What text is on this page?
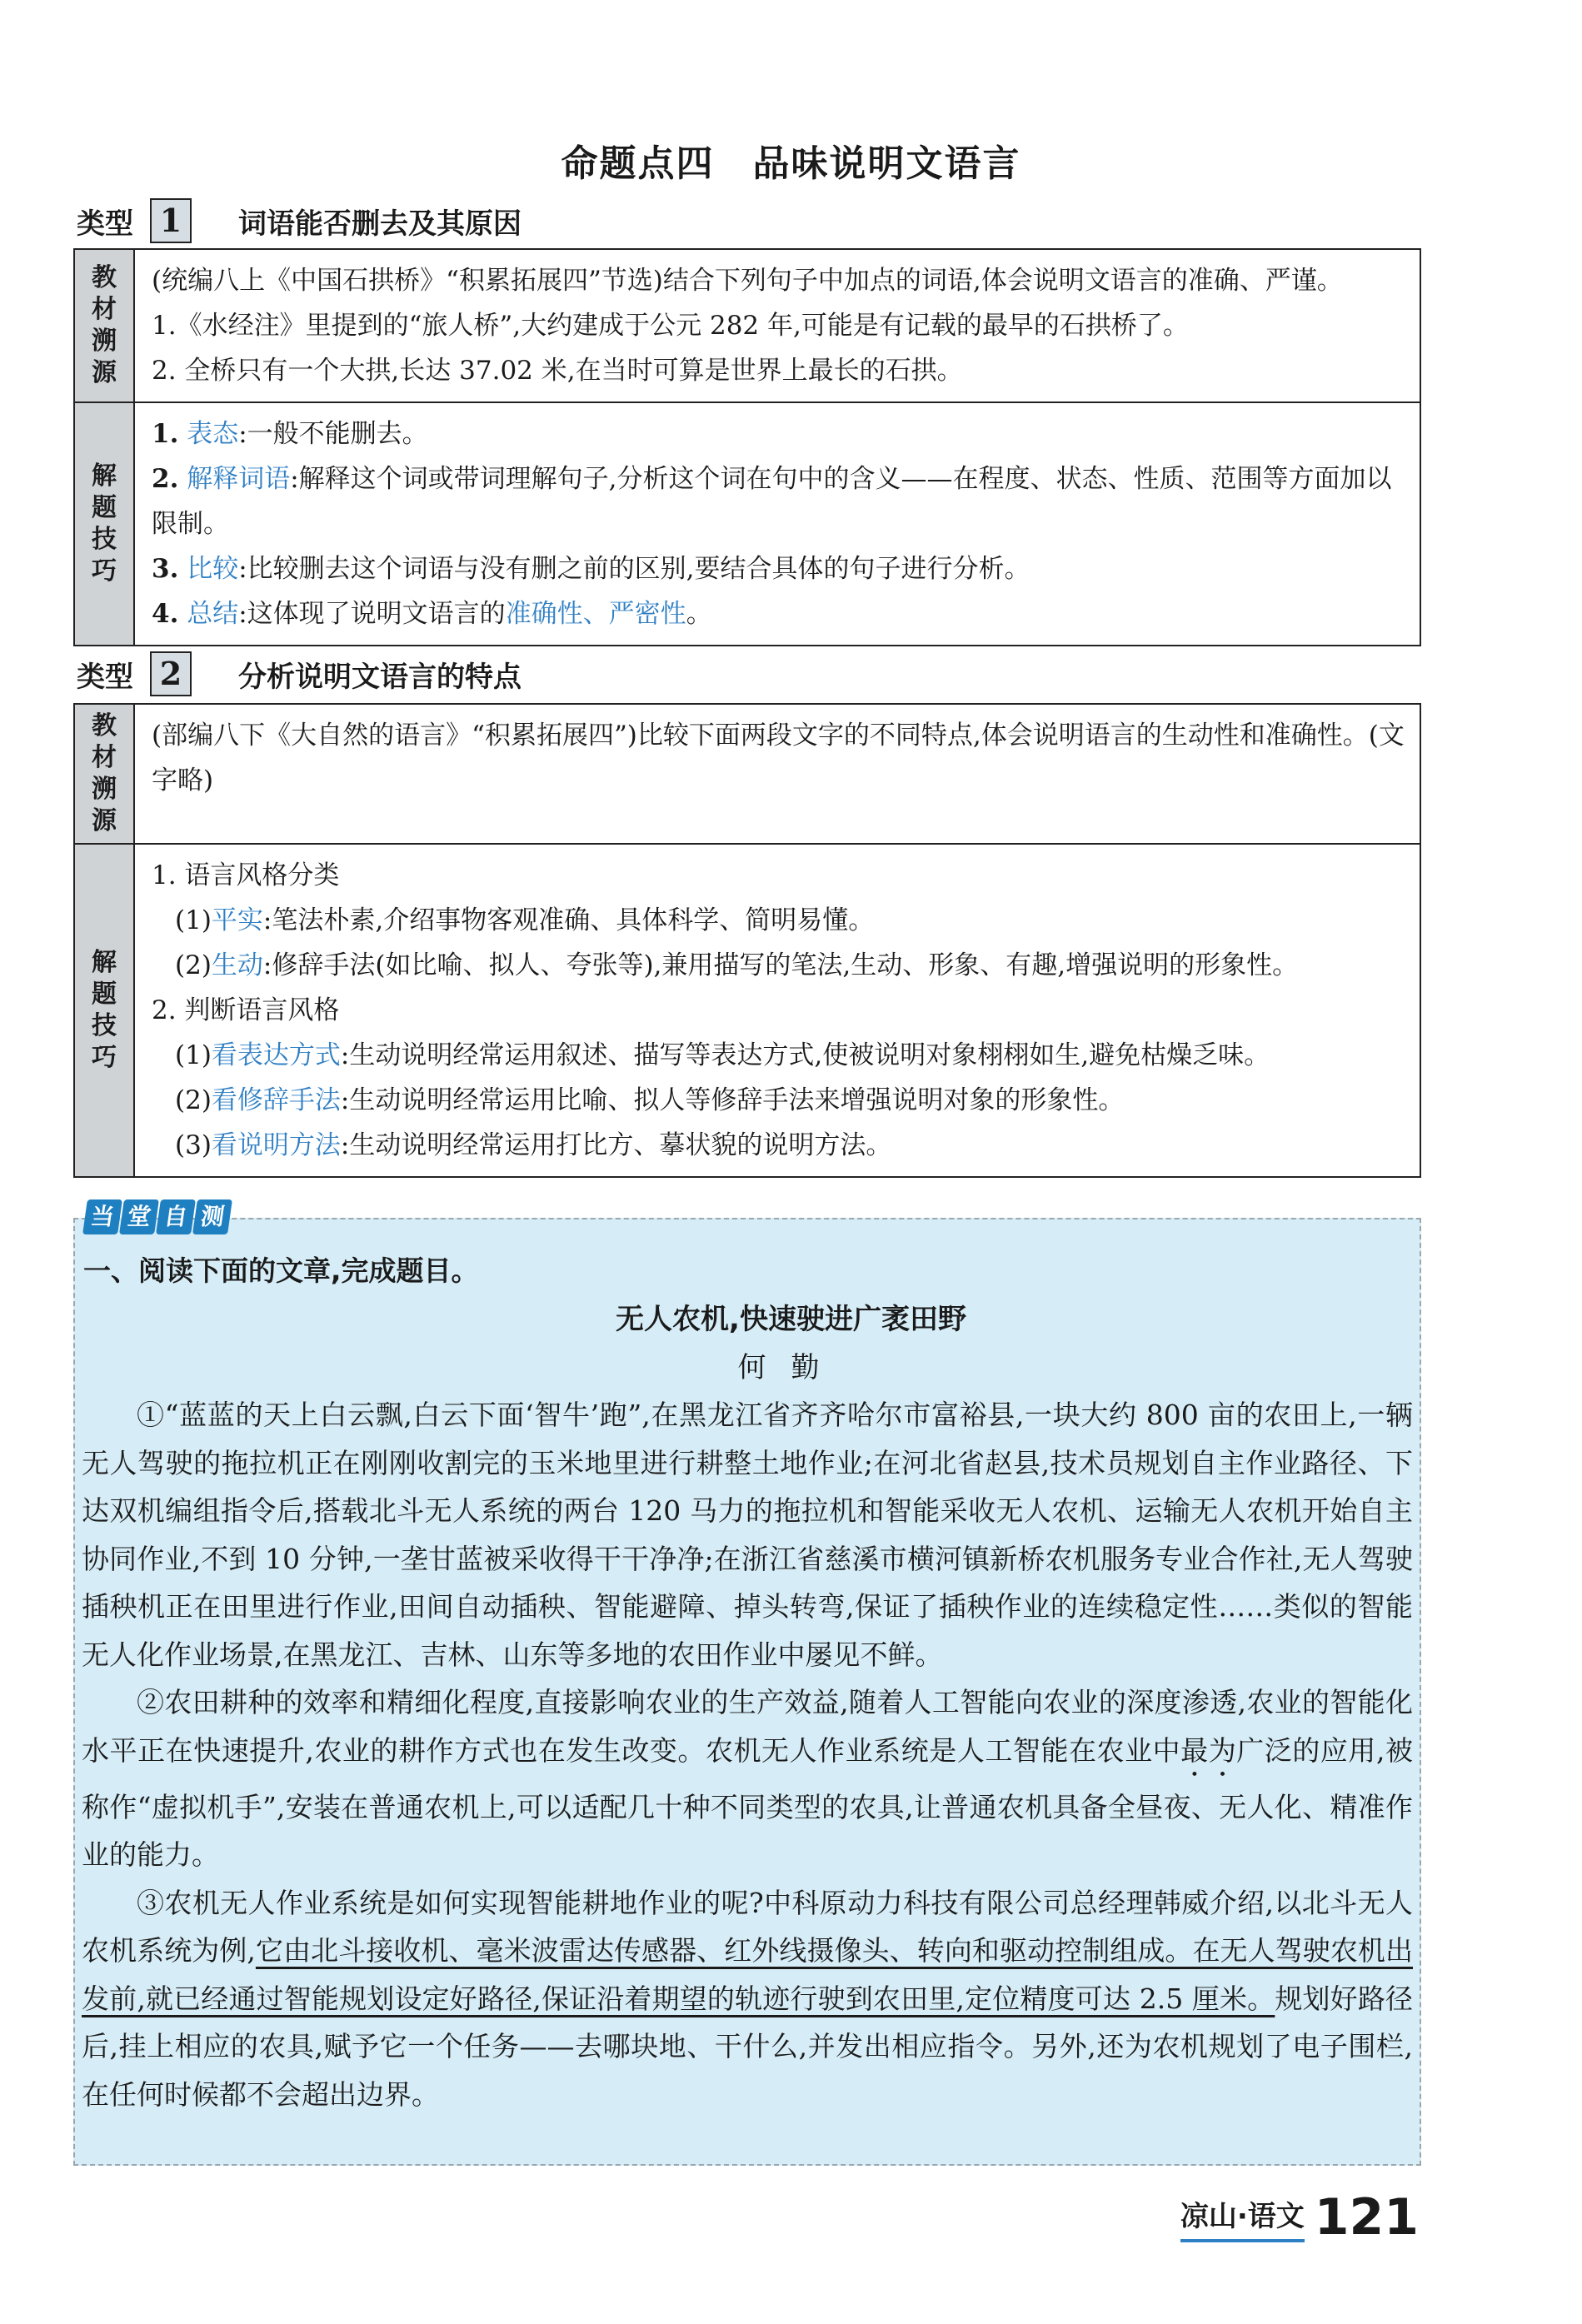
命题点四　品味说明文语言
类型 1	词语能否删去及其原因
教
材
溯
源

(统编八上《中国石拱桥》“积累拓展四”节选)结合下列句子中加点的词语,体会说明文语言的准确、严谨。

1.《水经注》里提到的“旅人桥”,大约建成于公元 282 年,可能是有记载的最早的石拱桥了。

2. 全桥只有一个大拱,长达 37.02 米,在当时可算是世界上最长的石拱。

解
题
技
巧

1. 表态:一般不能删去。

2. 解释词语:解释这个词或带词理解句子,分析这个词在句中的含义——在程度、状态、性质、范围等方面加以限制。

3. 比较:比较删去这个词语与没有删之前的区别,要结合具体的句子进行分析。

4. 总结:这体现了说明文语言的准确性、严密性。

类型 2	分析说明文语言的特点
教
材
溯
源

(部编八下《大自然的语言》“积累拓展四”)比较下面两段文字的不同特点,体会说明语言的生动性和准确性。(文字略)

解
题
技
巧

1. 语言风格分类

(1)平实:笔法朴素,介绍事物客观准确、具体科学、简明易懂。

(2)生动:修辞手法(如比喻、拟人、夸张等),兼用描写的笔法,生动、形象、有趣,增强说明的形象性。

2. 判断语言风格

(1)看表达方式:生动说明经常运用叙述、描写等表达方式,使被说明对象栩栩如生,避免枯燥乏味。

(2)看修辞手法:生动说明经常运用比喻、拟人等修辞手法来增强说明对象的形象性。

(3)看说明方法:生动说明经常运用打比方、摹状貌的说明方法。

当 堂 自 测
一、阅读下面的文章,完成题目。
无人农机,快速驶进广袤田野
何勤

①“蓝蓝的天上白云飘,白云下面‘智牛’跑”,在黑龙江省齐齐哈尔市富裕县,一块大约 800 亩的农田上,一辆无人驾驶的拖拉机正在刚刚收割完的玉米地里进行耕整土地作业;在河北省赵县,技术员规划自主作业路径、下达双机编组指令后,搭载北斗无人系统的两台 120 马力的拖拉机和智能采收无人农机、运输无人农机开始自主协同作业,不到 10 分钟,一垄甘蓝被采收得干干净净;在浙江省慈溪市横河镇新桥农机服务专业合作社,无人驾驶插秧机正在田里进行作业,田间自动插秧、智能避障、掉头转弯,保证了插秧作业的连续稳定性……类似的智能无人化作业场景,在黑龙江、吉林、山东等多地的农田作业中屡见不鲜。

②农田耕种的效率和精细化程度,直接影响农业的生产效益,随着人工智能向农业的深度渗透,农业的智能化水平正在快速提升,农业的耕作方式也在发生改变。农机无人作业系统是人工智能在农业中最为广泛的应用,被称作“虚拟机手”,安装在普通农机上,可以适配几十种不同类型的农具,让普通农机具备全昼夜、无人化、精准作业的能力。

③农机无人作业系统是如何实现智能耕地作业的呢?中科原动力科技有限公司总经理韩威介绍,以北斗无人农机系统为例,它由北斗接收机、毫米波雷达传感器、红外线摄像头、转向和驱动控制组成。在无人驾驶农机出发前,就已经通过智能规划设定好路径,保证沿着期望的轨迹行驶到农田里,定位精度可达 2.5 厘米。规划好路径后,挂上相应的农具,赋予它一个任务——去哪块地、干什么,并发出相应指令。另外,还为农机规划了电子围栏,在任何时候都不会超出边界。

凉山·语文 121
